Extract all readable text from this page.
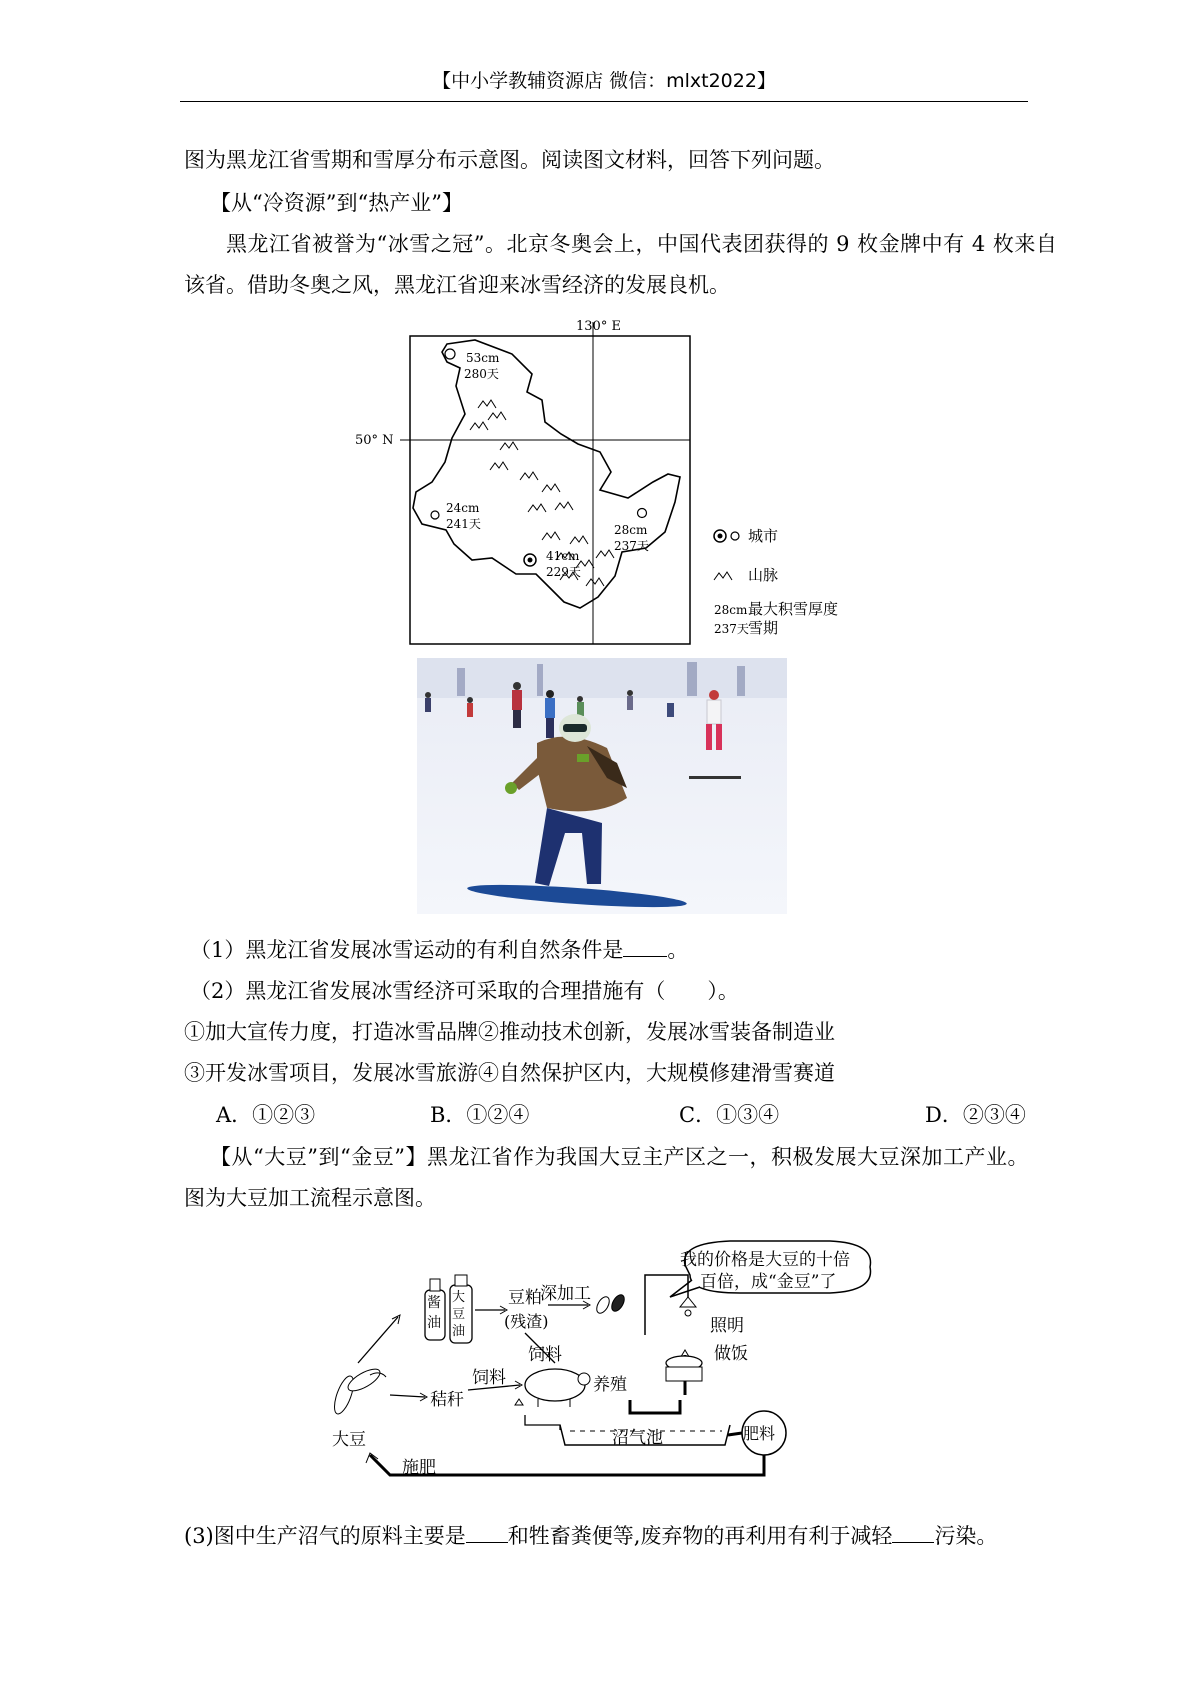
【中小学教辅资源店 微信：mlxt2022】
图为黑龙江省雪期和雪厚分布示意图。阅读图文材料，回答下列问题。
【从“冷资源”到“热产业”】
黑龙江省被誉为“冰雪之冠”。北京冬奥会上，中国代表团获得的 9 枚金牌中有 4 枚来自
该省。借助冬奥之风，黑龙江省迎来冰雪经济的发展良机。
130° E
50° N
53cm
280天
24cm
241天
41cm
229天
28cm
237天
城市
山脉
28cm 最大积雪厚度
237天 雪期
（1）黑龙江省发展冰雪运动的有利自然条件是 。
（2）黑龙江省发展冰雪经济可采取的合理措施有（　　）。
①加大宣传力度，打造冰雪品牌②推动技术创新，发展冰雪装备制造业
③开发冰雪项目，发展冰雪旅游④自然保护区内，大规模修建滑雪赛道
A．①②③	B．①②④	C．①③④	D．②③④
【从“大豆”到“金豆”】黑龙江省作为我国大豆主产区之一，积极发展大豆深加工产业。
图为大豆加工流程示意图。
我的价格是大豆的十倍
百倍，成“金豆”了
酱
油
大
豆
油
豆粕
(残渣)
深加工
饲料
大豆
秸秆
饲料	养殖
沼气池
照明
做饭
肥料
施肥
(3)图中生产沼气的原料主要是 和牲畜粪便等,废弃物的再利用有利于减轻 污染。
